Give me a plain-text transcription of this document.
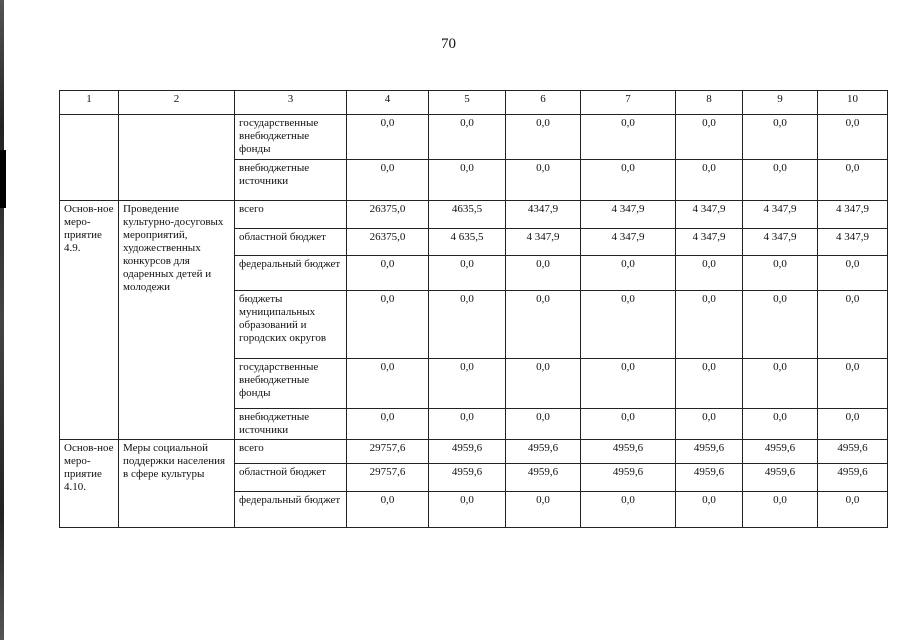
70
1	2	3	4	5	6	7	8	9	10
		государственные внебюджетные фонды	0,0	0,0	0,0	0,0	0,0	0,0	0,0
		внебюджетные источники	0,0	0,0	0,0	0,0	0,0	0,0	0,0
Основ-ное меро-приятие 4.9.	Проведение культурно-досуговых мероприятий, художественных конкурсов для одаренных детей и молодежи	всего	26375,0	4635,5	4347,9	4 347,9	4 347,9	4 347,9	4 347,9
		областной бюджет	26375,0	4 635,5	4 347,9	4 347,9	4 347,9	4 347,9	4 347,9
		федеральный бюджет	0,0	0,0	0,0	0,0	0,0	0,0	0,0
		бюджеты муниципальных образований и городских округов	0,0	0,0	0,0	0,0	0,0	0,0	0,0
		государственные внебюджетные фонды	0,0	0,0	0,0	0,0	0,0	0,0	0,0
		внебюджетные источники	0,0	0,0	0,0	0,0	0,0	0,0	0,0
Основ-ное меро-приятие 4.10.	Меры социальной поддержки населения в сфере культуры	всего	29757,6	4959,6	4959,6	4959,6	4959,6	4959,6	4959,6
		областной бюджет	29757,6	4959,6	4959,6	4959,6	4959,6	4959,6	4959,6
		федеральный бюджет	0,0	0,0	0,0	0,0	0,0	0,0	0,0
